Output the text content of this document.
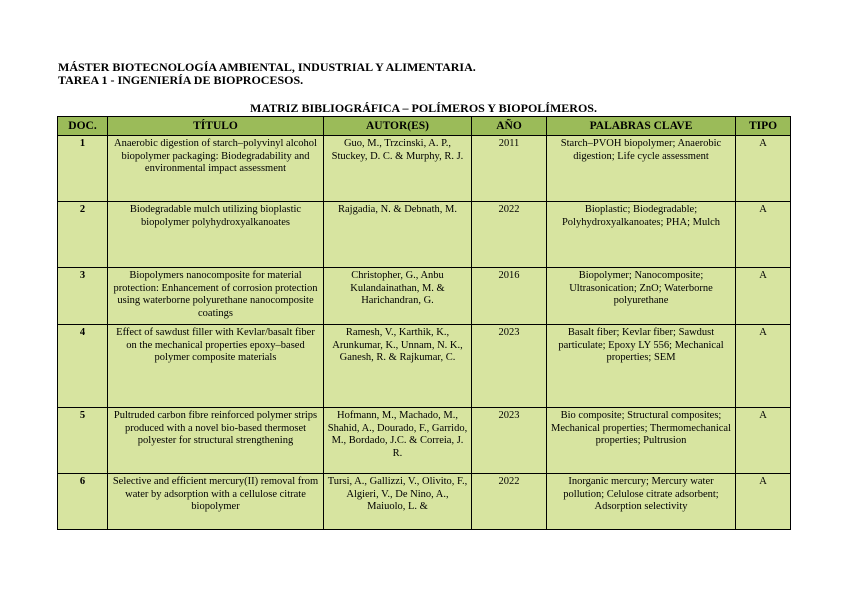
MÁSTER BIOTECNOLOGÍA AMBIENTAL, INDUSTRIAL Y ALIMENTARIA.
TAREA 1 - INGENIERÍA DE BIOPROCESOS.
MATRIZ BIBLIOGRÁFICA – POLÍMEROS Y BIOPOLÍMEROS.
DOC.	TÍTULO	AUTOR(ES)	AÑO	PALABRAS CLAVE	TIPO
1	Anaerobic digestion of starch–polyvinyl alcohol biopolymer packaging: Biodegradability and environmental impact assessment	Guo, M., Trzcinski, A. P., Stuckey, D. C. & Murphy, R. J.	2011	Starch–PVOH biopolymer; Anaerobic digestion; Life cycle assessment	A
2	Biodegradable mulch utilizing bioplastic biopolymer polyhydroxyalkanoates	Rajgadia, N. & Debnath, M.	2022	Bioplastic; Biodegradable; Polyhydroxyalkanoates; PHA; Mulch	A
3	Biopolymers nanocomposite for material protection: Enhancement of corrosion protection using waterborne polyurethane nanocomposite coatings	Christopher, G., Anbu Kulandainathan, M. & Harichandran, G.	2016	Biopolymer; Nanocomposite; Ultrasonication; ZnO; Waterborne polyurethane	A
4	Effect of sawdust filler with Kevlar/basalt fiber on the mechanical properties epoxy–based polymer composite materials	Ramesh, V., Karthik, K., Arunkumar, K., Unnam, N. K., Ganesh, R. & Rajkumar, C.	2023	Basalt fiber; Kevlar fiber; Sawdust particulate; Epoxy LY 556; Mechanical properties; SEM	A
5	Pultruded carbon fibre reinforced polymer strips produced with a novel bio-based thermoset polyester for structural strengthening	Hofmann, M., Machado, M., Shahid, A., Dourado, F., Garrido, M., Bordado, J.C. & Correia, J. R.	2023	Bio composite; Structural composites; Mechanical properties; Thermomechanical properties; Pultrusion	A
6	Selective and efficient mercury(II) removal from water by adsorption with a cellulose citrate biopolymer	Tursi, A., Gallizzi, V., Olivito, F., Algieri, V., De Nino, A., Maiuolo, L. &	2022	Inorganic mercury; Mercury water pollution; Celulose citrate adsorbent; Adsorption selectivity	A
